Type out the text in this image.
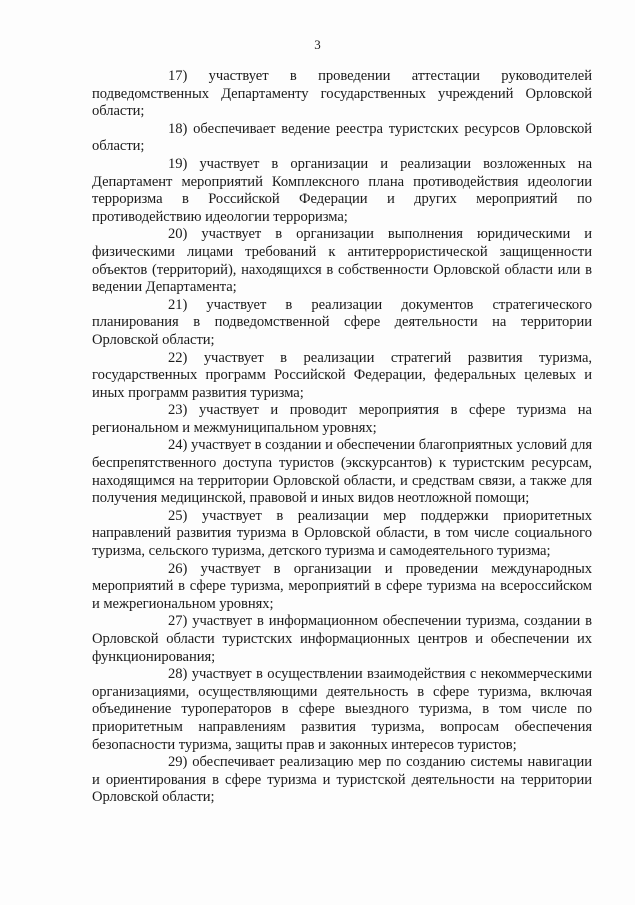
3

17) участвует в проведении аттестации руководителей подведомственных Департаменту государственных учреждений Орловской области;

18) обеспечивает ведение реестра туристских ресурсов Орловской области;

19) участвует в организации и реализации возложенных на Департамент мероприятий Комплексного плана противодействия идеологии терроризма в Российской Федерации и других мероприятий по противодействию идеологии терроризма;

20) участвует в организации выполнения юридическими и физическими лицами требований к антитеррористической защищенности объектов (территорий), находящихся в собственности Орловской области или в ведении Департамента;

21) участвует в реализации документов стратегического планирования в подведомственной сфере деятельности на территории Орловской области;

22) участвует в реализации стратегий развития туризма, государственных программ Российской Федерации, федеральных целевых и иных программ развития туризма;

23) участвует и проводит мероприятия в сфере туризма на региональном и межмуниципальном уровнях;

24) участвует в создании и обеспечении благоприятных условий для беспрепятственного доступа туристов (экскурсантов) к туристским ресурсам, находящимся на территории Орловской области, и средствам связи, а также для получения медицинской, правовой и иных видов неотложной помощи;

25) участвует в реализации мер поддержки приоритетных направлений развития туризма в Орловской области, в том числе социального туризма, сельского туризма, детского туризма и самодеятельного туризма;

26) участвует в организации и проведении международных мероприятий в сфере туризма, мероприятий в сфере туризма на всероссийском и межрегиональном уровнях;

27) участвует в информационном обеспечении туризма, создании в Орловской области туристских информационных центров и обеспечении их функционирования;

28) участвует в осуществлении взаимодействия с некоммерческими организациями, осуществляющими деятельность в сфере туризма, включая объединение туроператоров в сфере выездного туризма, в том числе по приоритетным направлениям развития туризма, вопросам обеспечения безопасности туризма, защиты прав и законных интересов туристов;

29) обеспечивает реализацию мер по созданию системы навигации и ориентирования в сфере туризма и туристской деятельности на территории Орловской области;
